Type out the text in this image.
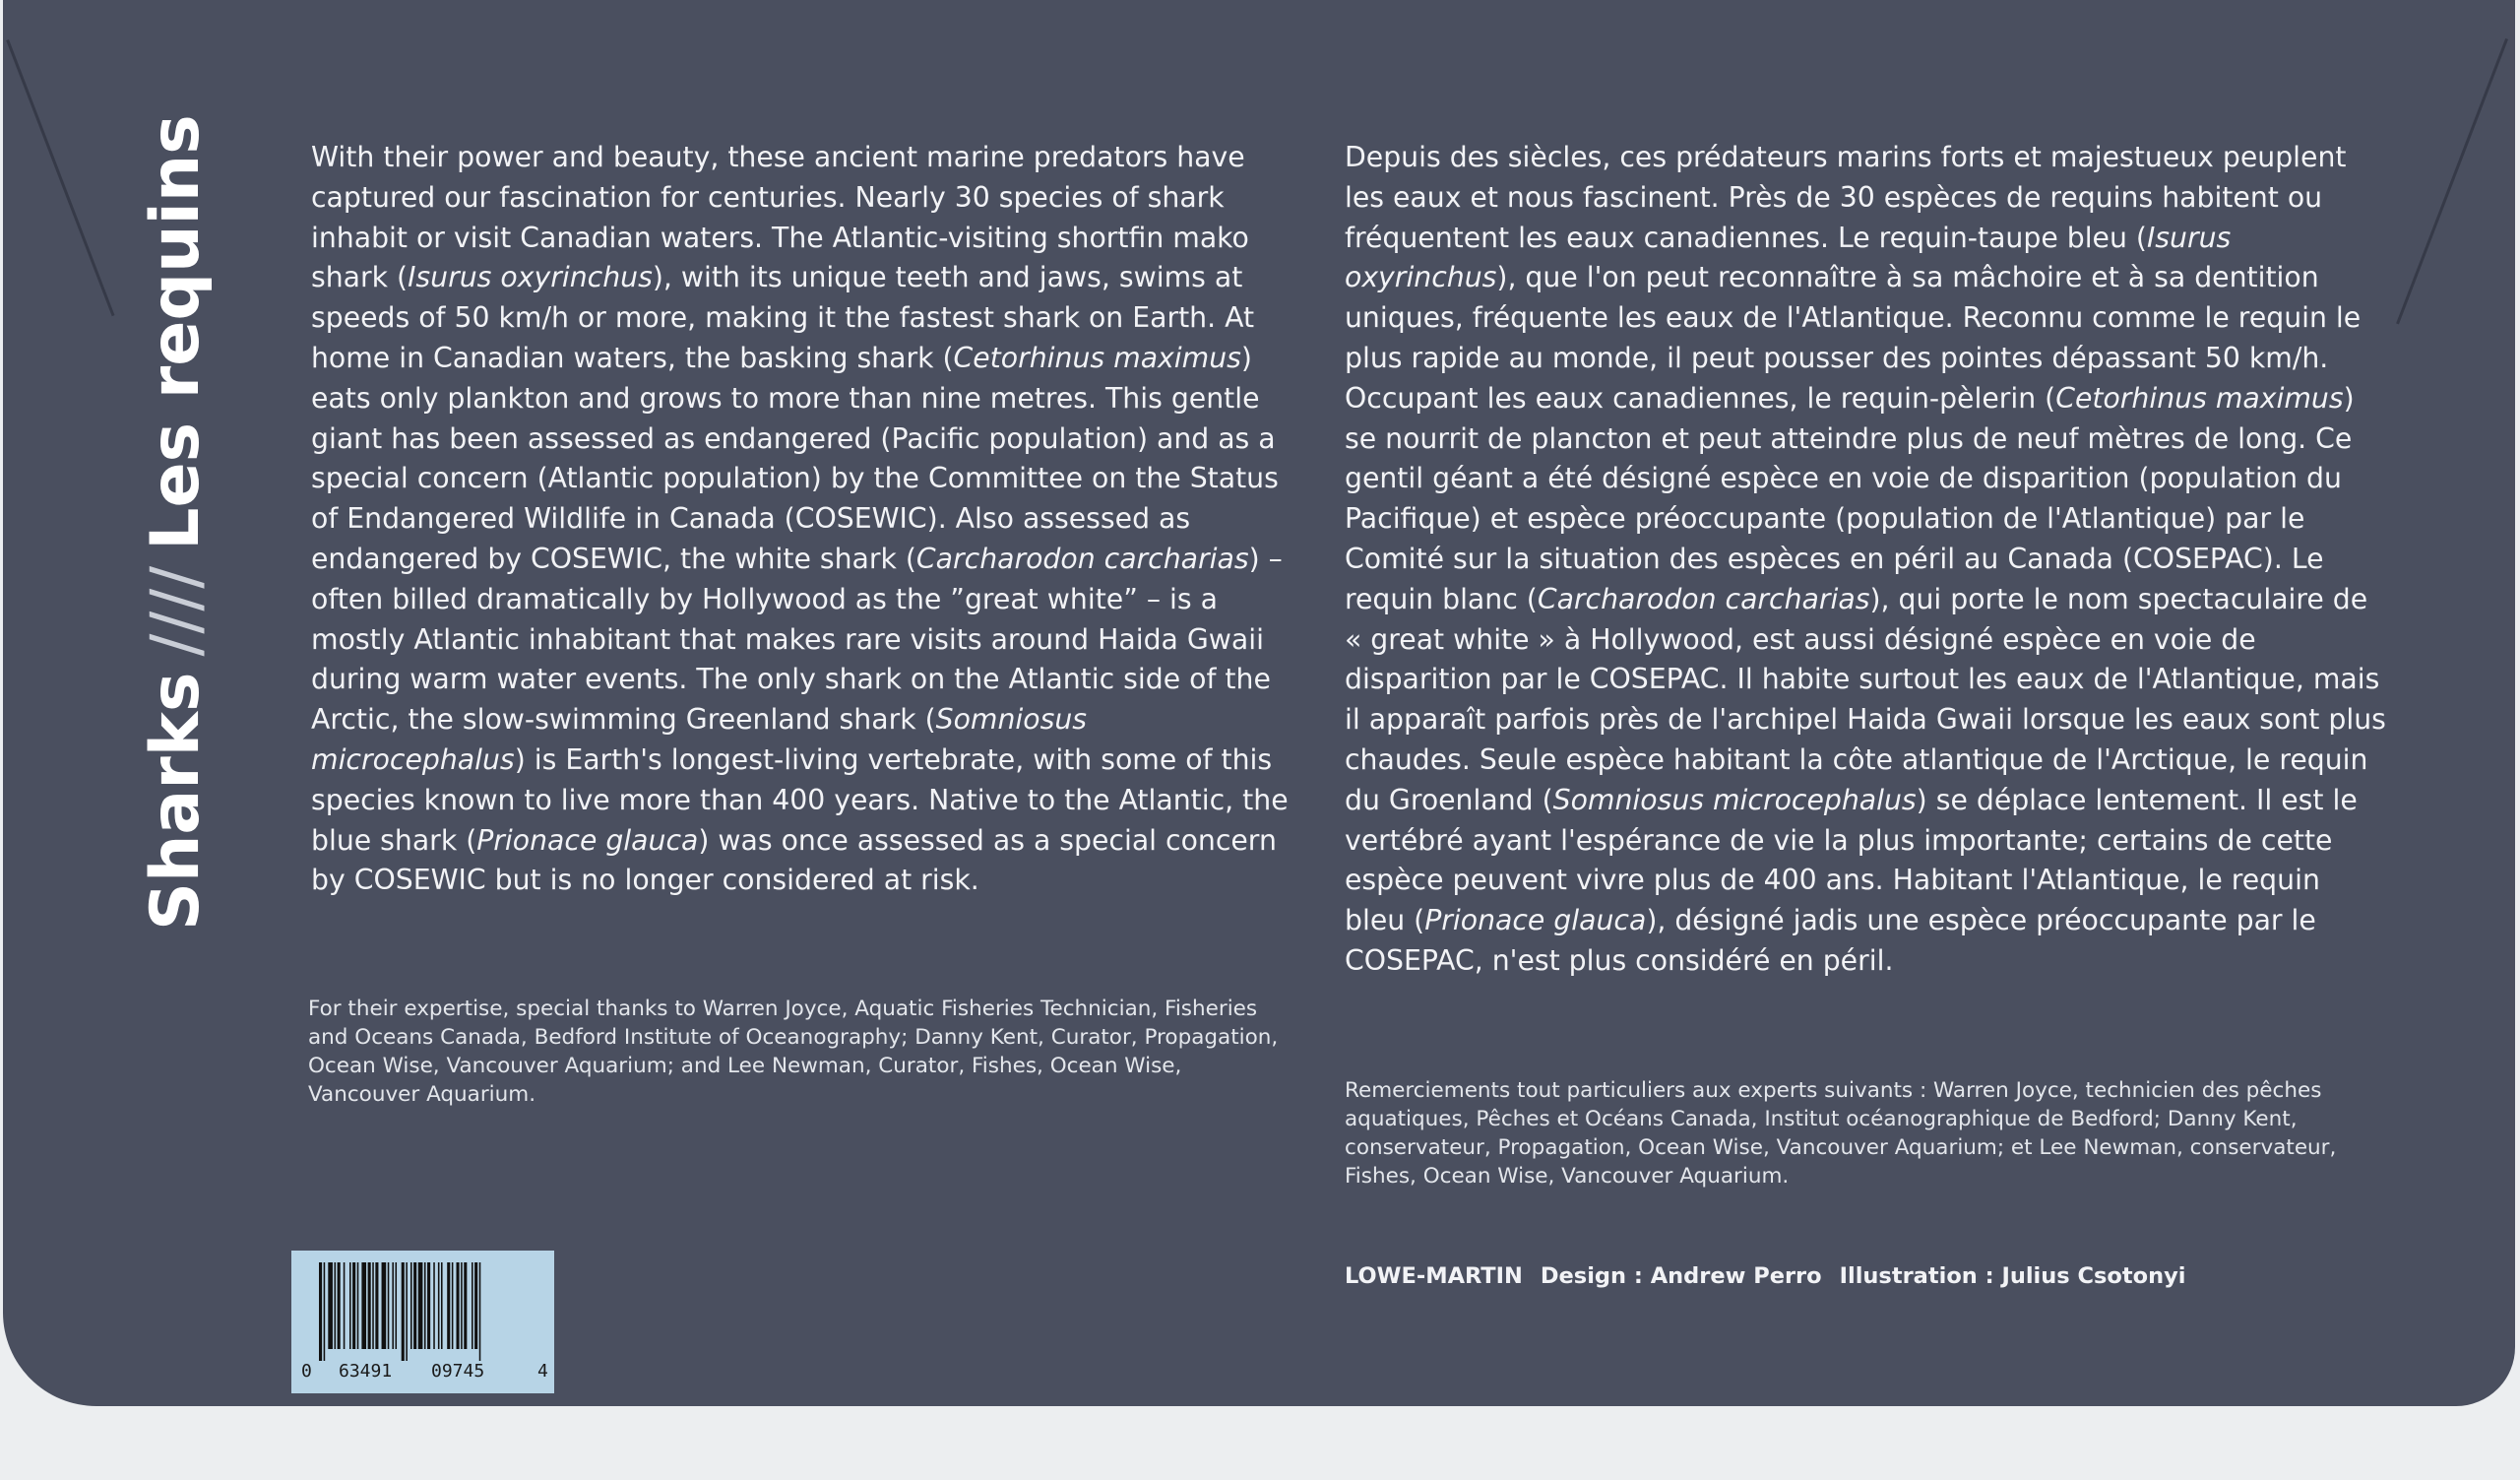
Sharks////Les requins	With their power and beauty, these ancient marine predators have captured our fascination for centuries. Nearly 30 species of shark inhabit or visit Canadian waters. The Atlantic-visiting shortfin mako shark (Isurus oxyrinchus), with its unique teeth and jaws, swims at speeds of 50 km/h or more, making it the fastest shark on Earth. At home in Canadian waters, the basking shark (Cetorhinus maximus) eats only plankton and grows to more than nine metres. This gentle giant has been assessed as endangered (Pacific population) and as a special concern (Atlantic population) by the Committee on the Status of Endangered Wildlife in Canada (COSEWIC). Also assessed as endangered by COSEWIC, the white shark (Carcharodon carcharias) – often billed dramatically by Hollywood as the ”great white” – is a mostly Atlantic inhabitant that makes rare visits around Haida Gwaii during warm water events. The only shark on the Atlantic side of the Arctic, the slow-swimming Greenland shark (Somniosus microcephalus) is Earth's longest-living vertebrate, with some of this species known to live more than 400 years. Native to the Atlantic, the blue shark (Prionace glauca) was once assessed as a special concern by COSEWIC but is no longer considered at risk.

For their expertise, special thanks to Warren Joyce, Aquatic Fisheries Technician, Fisheries and Oceans Canada, Bedford Institute of Oceanography; Danny Kent, Curator, Propagation, Ocean Wise, Vancouver Aquarium; and Lee Newman, Curator, Fishes, Ocean Wise, Vancouver Aquarium.

Depuis des siècles, ces prédateurs marins forts et majestueux peuplent les eaux et nous fascinent. Près de 30 espèces de requins habitent ou fréquentent les eaux canadiennes. Le requin-taupe bleu (Isurus oxyrinchus), que l'on peut reconnaître à sa mâchoire et à sa dentition uniques, fréquente les eaux de l'Atlantique. Reconnu comme le requin le plus rapide au monde, il peut pousser des pointes dépassant 50 km/h. Occupant les eaux canadiennes, le requin-pèlerin (Cetorhinus maximus) se nourrit de plancton et peut atteindre plus de neuf mètres de long. Ce gentil géant a été désigné espèce en voie de disparition (population du Pacifique) et espèce préoccupante (population de l'Atlantique) par le Comité sur la situation des espèces en péril au Canada (COSEPAC). Le requin blanc (Carcharodon carcharias), qui porte le nom spectaculaire de « great white » à Hollywood, est aussi désigné espèce en voie de disparition par le COSEPAC. Il habite surtout les eaux de l'Atlantique, mais il apparaît parfois près de l'archipel Haida Gwaii lorsque les eaux sont plus chaudes. Seule espèce habitant la côte atlantique de l'Arctique, le requin du Groenland (Somniosus microcephalus) se déplace lentement. Il est le vertébré ayant l'espérance de vie la plus importante; certains de cette espèce peuvent vivre plus de 400 ans. Habitant l'Atlantique, le requin bleu (Prionace glauca), désigné jadis une espèce préoccupante par le COSEPAC, n'est plus considéré en péril.

Remerciements tout particuliers aux experts suivants : Warren Joyce, technicien des pêches aquatiques, Pêches et Océans Canada, Institut océanographique de Bedford; Danny Kent, conservateur, Propagation, Ocean Wise, Vancouver Aquarium; et Lee Newman, conservateur, Fishes, Ocean Wise, Vancouver Aquarium.

LOWE-MARTIN Design : Andrew Perro Illustration : Julius Csotonyi
0 63491 09745	4
